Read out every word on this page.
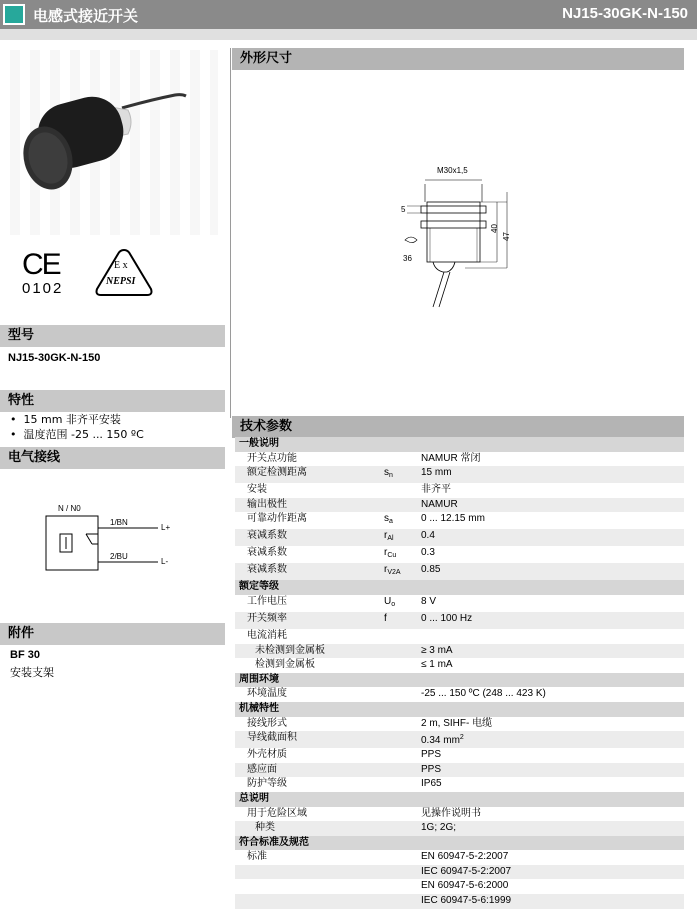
电感式接近开关	NJ15-30GK-N-150
CE
0102
E x
NEPSI
型号
NJ15-30GK-N-150
特性
•  15 mm 非齐平安装
•  温度范围 -25 ... 150 ºC
电气接线
N / N0
1/BN
2/BU
L+
L-
附件
BF 30
安装支架
外形尺寸
M30x1,5
5
40
47
36
技术参数
一般说明		
开关点功能		NAMUR 常闭
额定检测距离	$s_n$	15 mm
安装		非齐平
输出极性		NAMUR
可靠动作距离	$s_a$	0 ... 12.15 mm
衰减系数	$r_{Al}$	0.4
衰减系数	$r_{Cu}$	0.3
衰减系数	$r_{V2A}$	0.85
额定等级		
工作电压	$U_o$	8 V
开关频率	f	0 ... 100 Hz
电流消耗		
未检测到金属板		≥ 3 mA
检测到金属板		≤ 1 mA
周围环境		
环境温度		-25 ... 150 ºC (248 ... 423 K)
机械特性		
接线形式		2 m, SIHF- 电缆
导线截面积		0.34 $mm^2$
外壳材质		PPS
感应面		PPS
防护等级		IP65
总说明		
用于危险区域		见操作说明书
种类		1G; 2G;
符合标准及规范		
标准		EN 60947-5-2:2007
		IEC 60947-5-2:2007
		EN 60947-5-6:2000
		IEC 60947-5-6:1999
